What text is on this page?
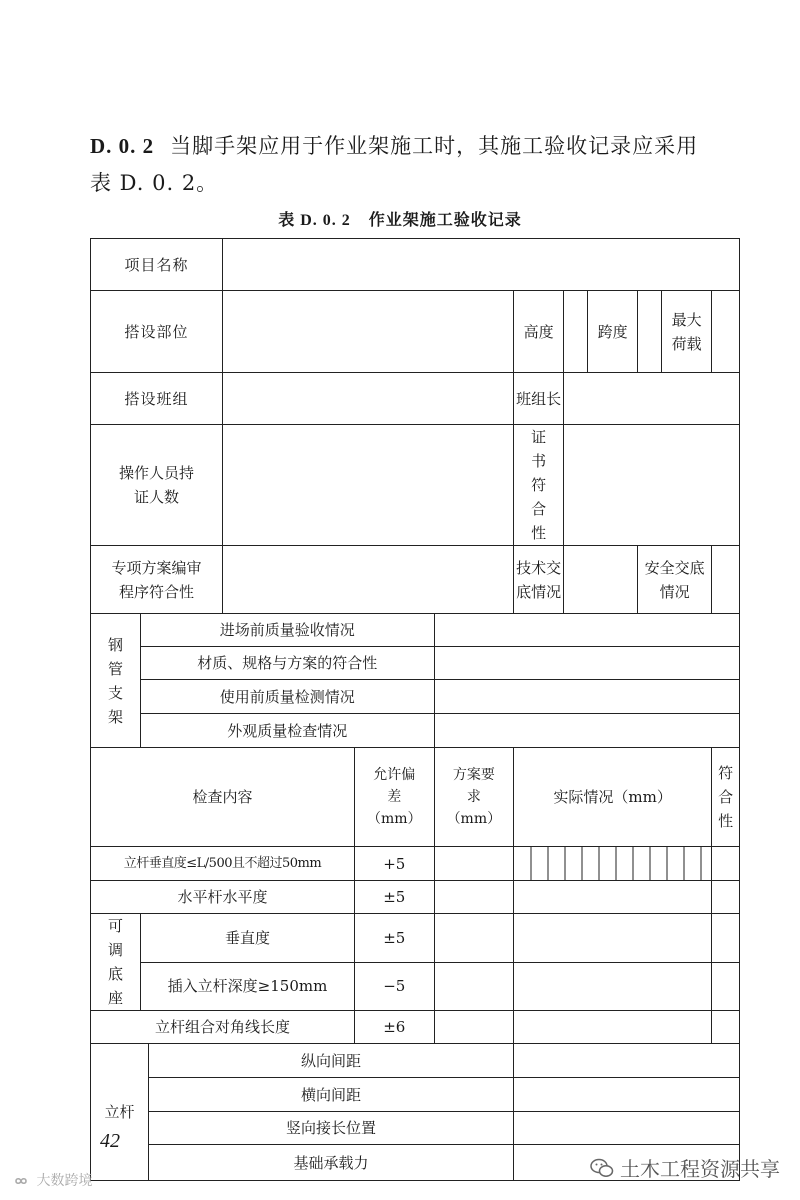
D. 0. 2 当脚手架应用于作业架施工时，其施工验收记录应采用表 D. 0. 2。
表 D. 0. 2 作业架施工验收记录
项目名称											
搭设部位						高度		跨度		最大荷载	
搭设班组						班组长					
操作人员持证人数						证书符合性					
专项方案编审程序符合性						技术交底情况			安全交底情况		
钢管支架	进场前质量验收情况										
	材质、规格与方案的符合性										
	使用前质量检测情况										
	外观质量检查情况										
检查内容				允许偏差（mm）	方案要求（mm）	实际情况（mm）					符合性
立杆垂直度≤L/500且不超过50mm				+5							
水平杆水平度				±5							
可调底座	垂直度			±5							
	插入立杆深度≥150mm			−5							
立杆组合对角线长度				±6							
立杆		纵向间距									
		横向间距									
		竖向接长位置									
		基础承载力									
42
大数跨境	土木工程资源共享
